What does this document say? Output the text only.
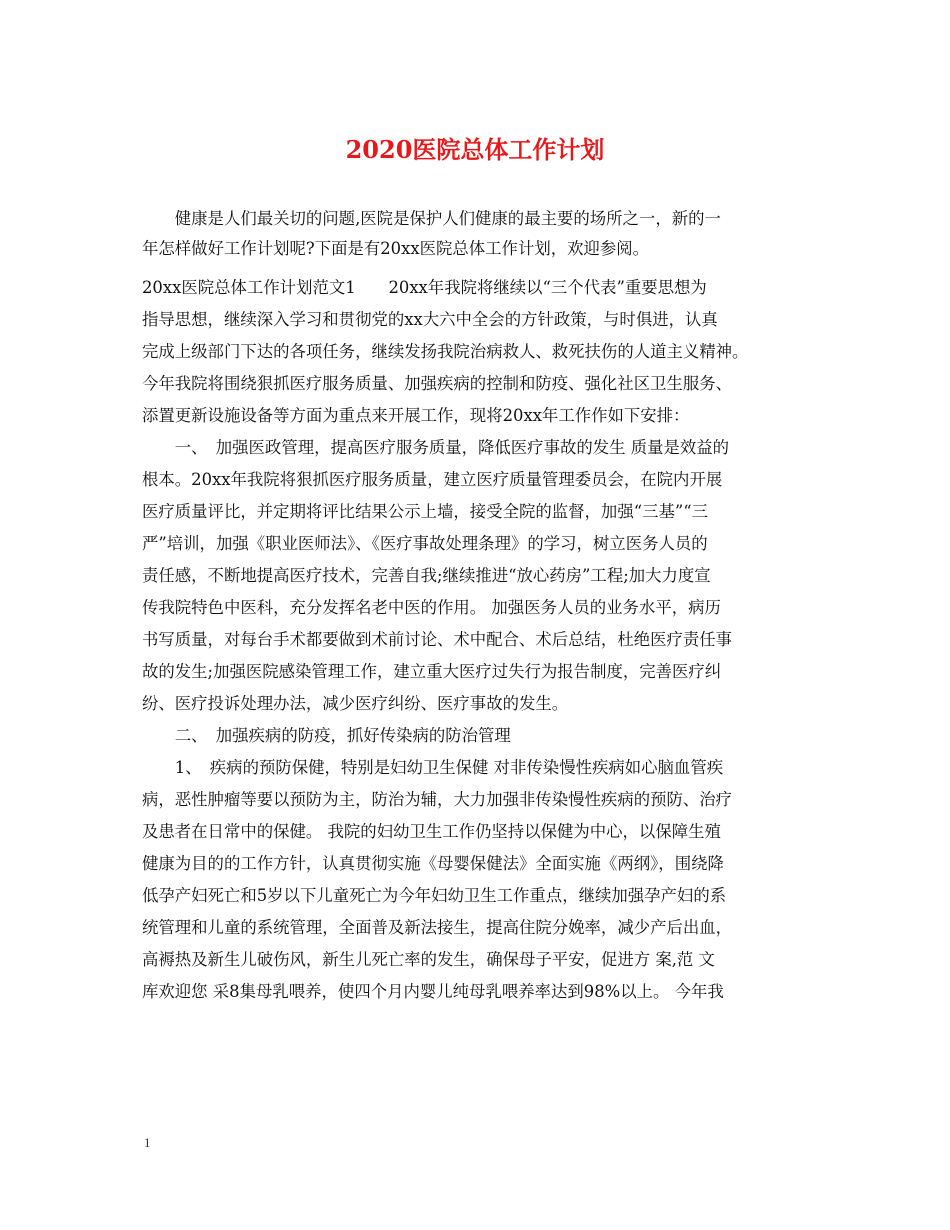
2020医院总体工作计划

　　健康是人们最关切的问题,医院是保护人们健康的最主要的场所之一，新的一

年怎样做好工作计划呢?下面是有20xx医院总体工作计划，欢迎参阅。

20xx医院总体工作计划范文1　　20xx年我院将继续以“三个代表”重要思想为

指导思想，继续深入学习和贯彻党的xx大六中全会的方针政策，与时俱进，认真

完成上级部门下达的各项任务，继续发扬我院治病救人、救死扶伤的人道主义精神。

今年我院将围绕狠抓医疗服务质量、加强疾病的控制和防疫、强化社区卫生服务、

添置更新设施设备等方面为重点来开展工作，现将20xx年工作作如下安排：

　　一、　加强医政管理，提高医疗服务质量，降低医疗事故的发生 质量是效益的

根本。20xx年我院将狠抓医疗服务质量，建立医疗质量管理委员会，在院内开展

医疗质量评比，并定期将评比结果公示上墙，接受全院的监督，加强“三基”“三

严”培训，加强《职业医师法》、《医疗事故处理条理》的学习，树立医务人员的

责任感，不断地提高医疗技术，完善自我;继续推进“放心药房”工程;加大力度宣

传我院特色中医科，充分发挥名老中医的作用。 加强医务人员的业务水平，病历

书写质量，对每台手术都要做到术前讨论、术中配合、术后总结，杜绝医疗责任事

故的发生;加强医院感染管理工作，建立重大医疗过失行为报告制度，完善医疗纠

纷、医疗投诉处理办法，减少医疗纠纷、医疗事故的发生。

　　二、　加强疾病的防疫，抓好传染病的防治管理

　　1、　疾病的预防保健，特别是妇幼卫生保健 对非传染慢性疾病如心脑血管疾

病，恶性肿瘤等要以预防为主，防治为辅，大力加强非传染慢性疾病的预防、治疗

及患者在日常中的保健。 我院的妇幼卫生工作仍坚持以保健为中心，以保障生殖

健康为目的的工作方针，认真贯彻实施《母婴保健法》全面实施《两纲》，围绕降

低孕产妇死亡和5岁以下儿童死亡为今年妇幼卫生工作重点，继续加强孕产妇的系

统管理和儿童的系统管理，全面普及新法接生，提高住院分娩率，减少产后出血，

高褥热及新生儿破伤风，新生儿死亡率的发生，确保母子平安，促进方 案,范 文

库欢迎您 采8集母乳喂养，使四个月内婴儿纯母乳喂养率达到98%以上。 今年我

1
